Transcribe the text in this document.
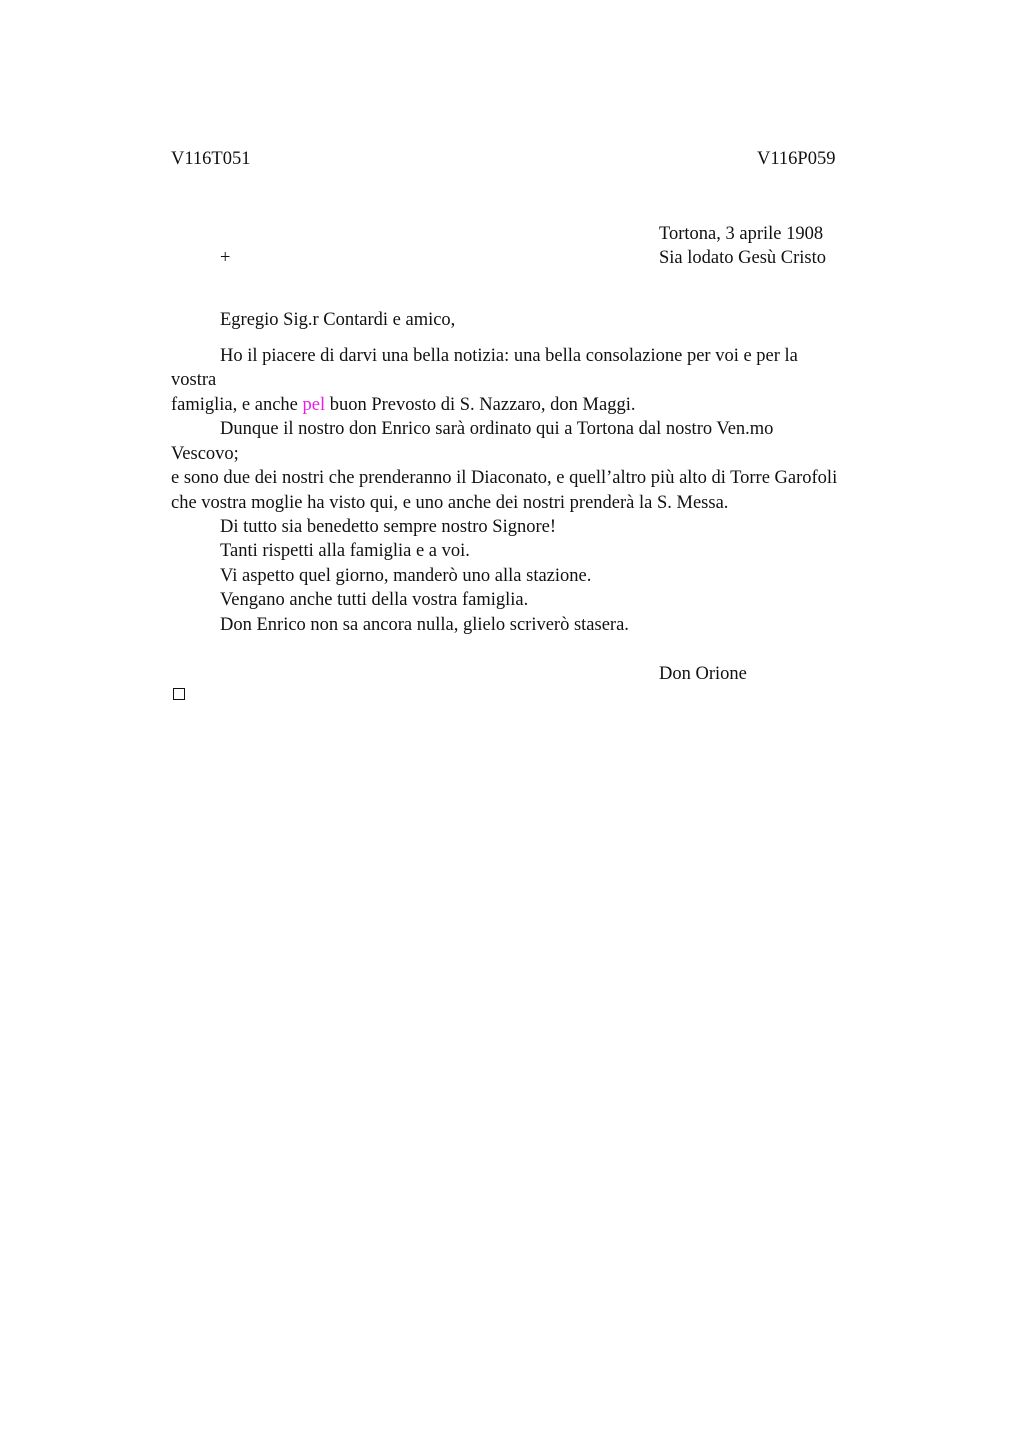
V116T051	V116P059
Tortona, 3 aprile 1908
+	Sia lodato Gesù Cristo
Egregio Sig.r Contardi e amico,
Ho il piacere di darvi una bella notizia: una bella consolazione per voi e per la
vostra
famiglia, e anche pel buon Prevosto di S. Nazzaro, don Maggi.
Dunque il nostro don Enrico sarà ordinato qui a Tortona dal nostro Ven.mo
Vescovo;
e sono due dei nostri che prenderanno il Diaconato, e quell’altro più alto di Torre Garofoli
che vostra moglie ha visto qui, e uno anche dei nostri prenderà la S. Messa.
Di tutto sia benedetto sempre nostro Signore!
Tanti rispetti alla famiglia e a voi.
Vi aspetto quel giorno, manderò uno alla stazione.
Vengano anche tutti della vostra famiglia.
Don Enrico non sa ancora nulla, glielo scriverò stasera.
Don Orione
